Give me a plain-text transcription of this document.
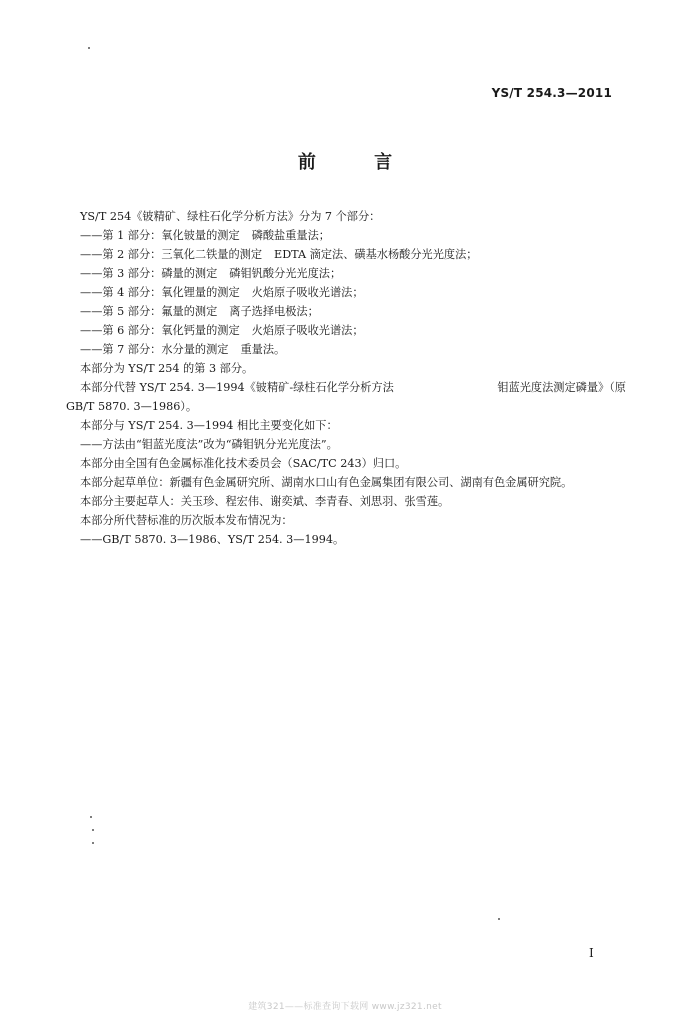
YS/T 254.3—2011
前 言
YS/T 254《铍精矿、绿柱石化学分析方法》分为 7 个部分：
——第 1 部分：氧化铍量的测定 磷酸盐重量法；
——第 2 部分：三氧化二铁量的测定 EDTA 滴定法、磺基水杨酸分光光度法；
——第 3 部分：磷量的测定 磷钼钒酸分光光度法；
——第 4 部分：氧化锂量的测定 火焰原子吸收光谱法；
——第 5 部分：氟量的测定 离子选择电极法；
——第 6 部分：氧化钙量的测定 火焰原子吸收光谱法；
——第 7 部分：水分量的测定 重量法。
本部分为 YS/T 254 的第 3 部分。
本部分代替 YS/T 254. 3—1994《铍精矿-绿柱石化学分析方法	钼蓝光度法测定磷量》（原
GB/T 5870. 3—1986）。
本部分与 YS/T 254. 3—1994 相比主要变化如下：
——方法由“钼蓝光度法”改为“磷钼钒分光光度法”。
本部分由全国有色金属标准化技术委员会（SAC/TC 243）归口。
本部分起草单位：新疆有色金属研究所、湖南水口山有色金属集团有限公司、湖南有色金属研究院。
本部分主要起草人：关玉珍、程宏伟、谢奕斌、李青春、刘思羽、张雪莲。
本部分所代替标准的历次版本发布情况为：
——GB/T 5870. 3—1986、YS/T 254. 3—1994。
I
建筑321——标准查询下载网 www.jz321.net
